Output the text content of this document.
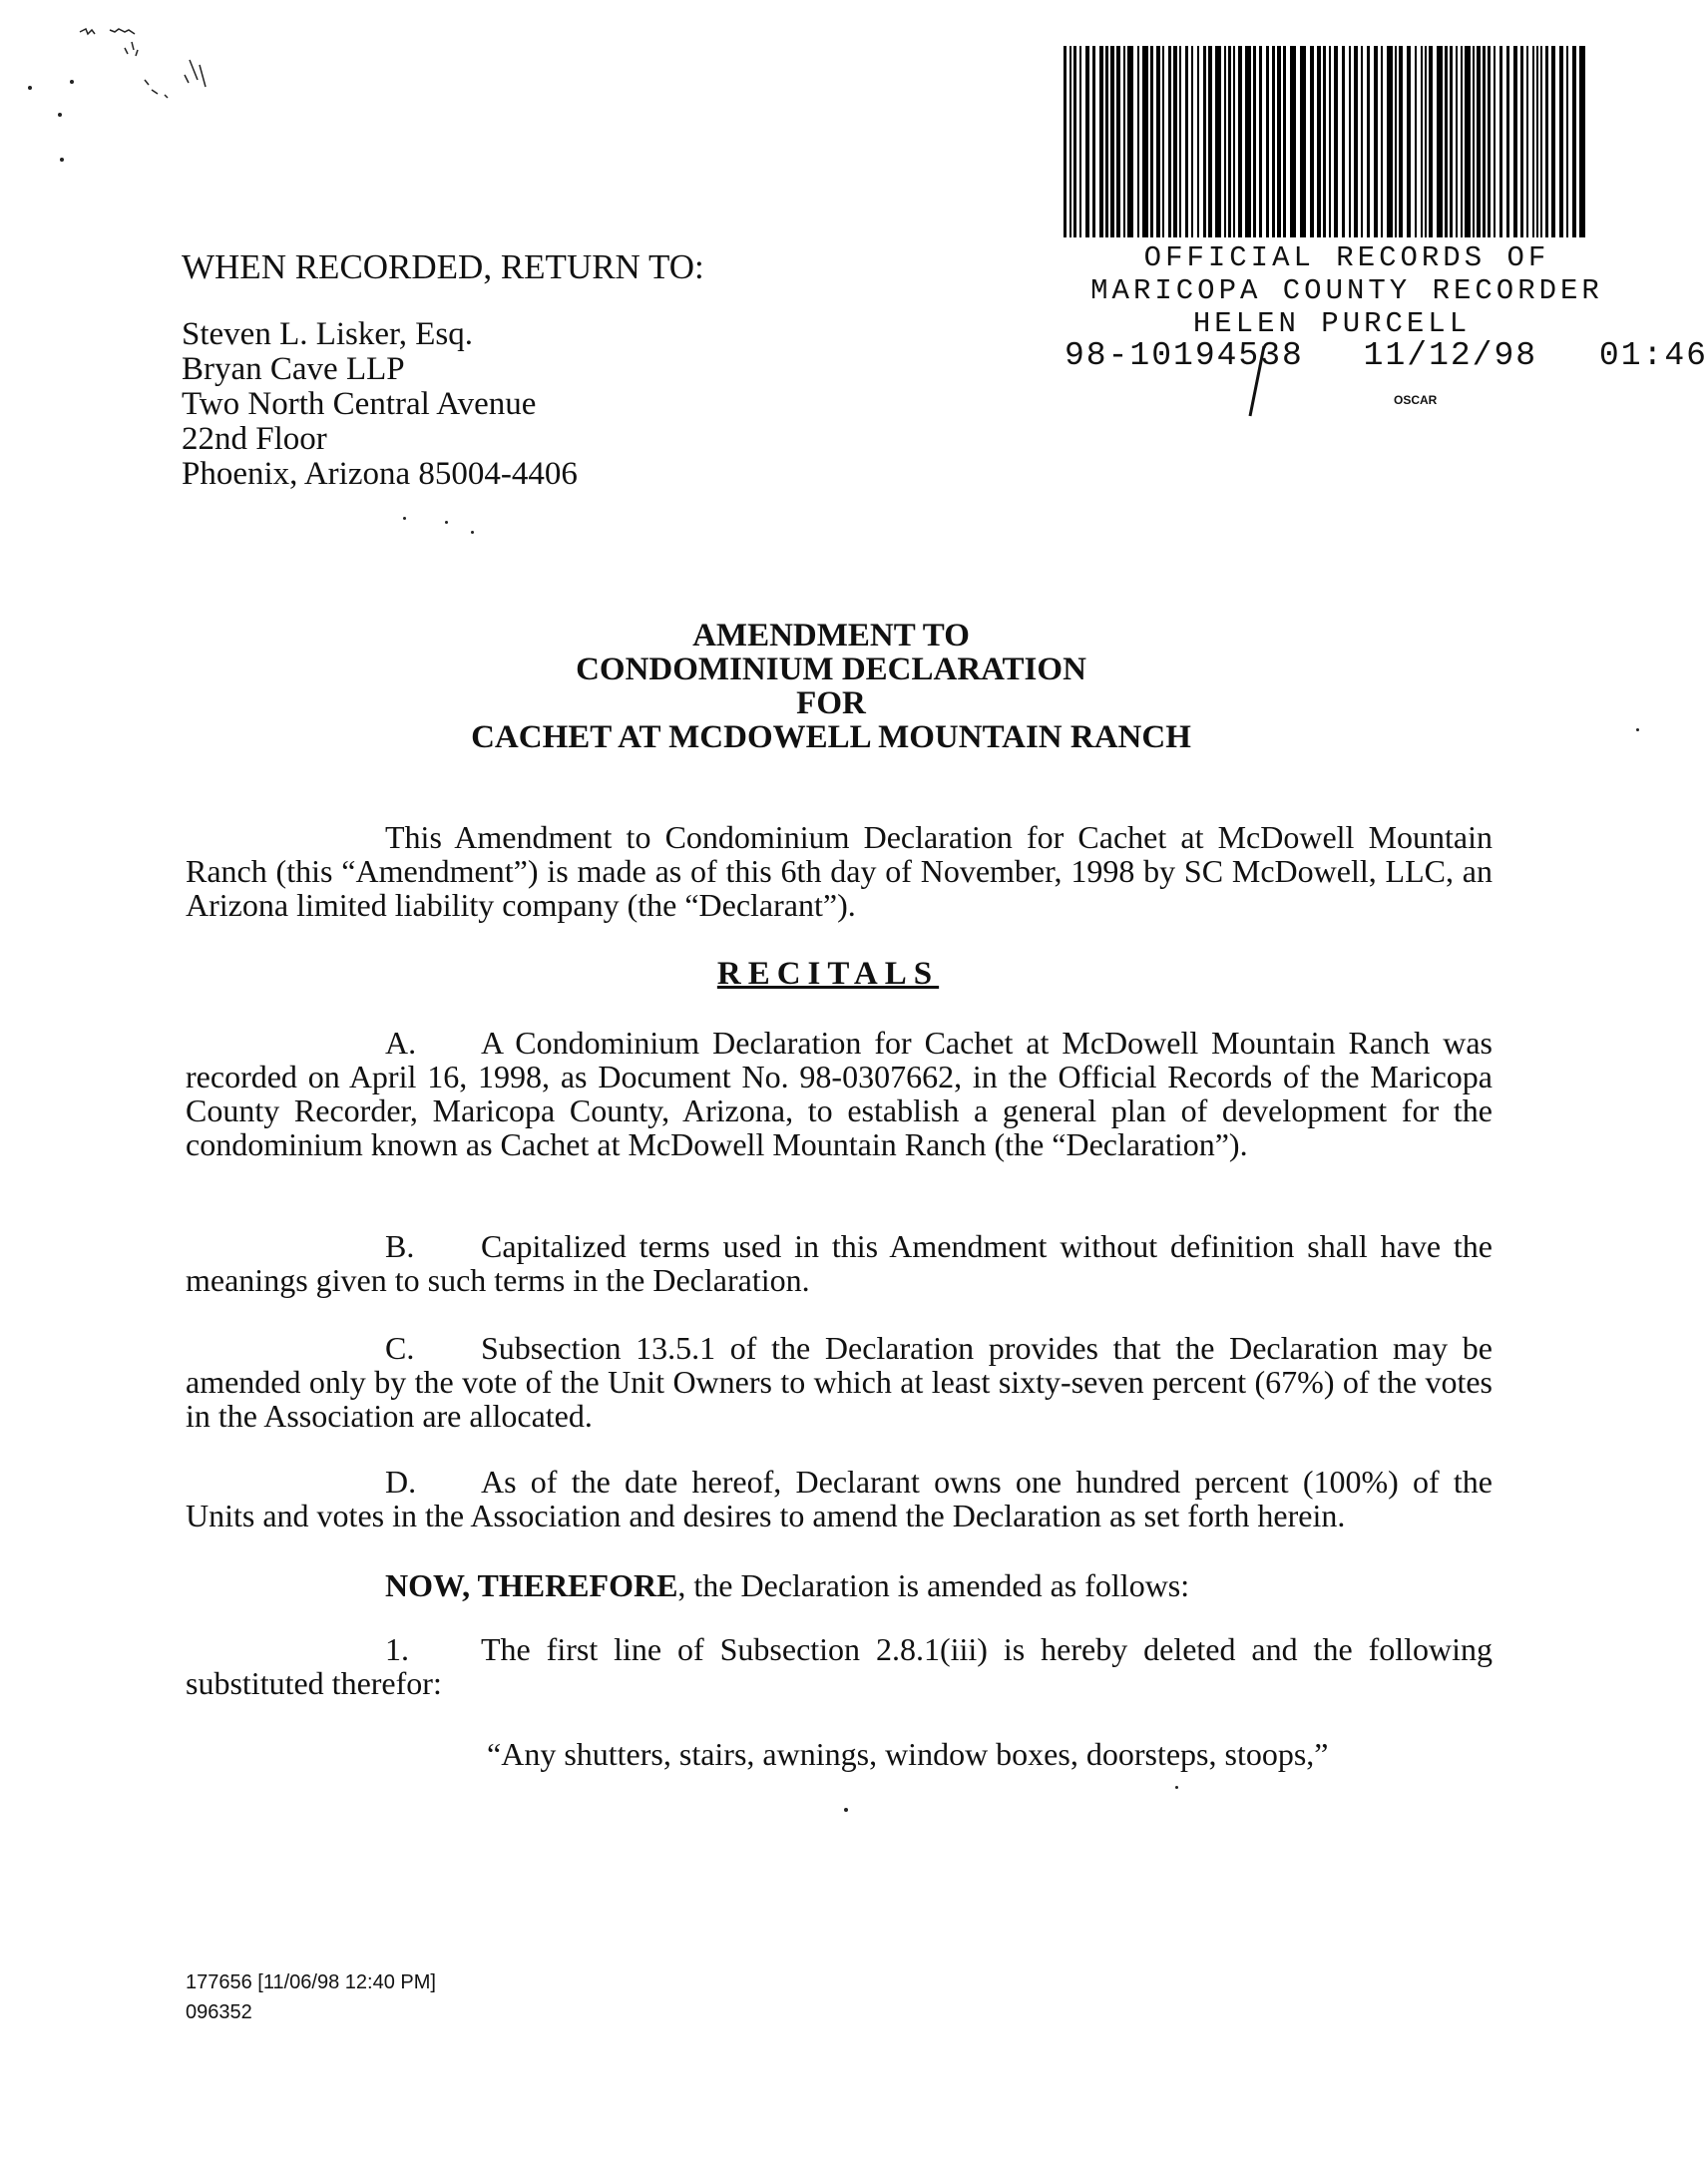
WHEN RECORDED, RETURN TO:
Steven L. Lisker, Esq.
Bryan Cave LLP
Two North Central Avenue
22nd Floor
Phoenix, Arizona 85004-4406
OFFICIAL RECORDS OF
MARICOPA COUNTY RECORDER
HELEN PURCELL
98-10194538 11/12/98 01:46
OSCAR
AMENDMENT TO
CONDOMINIUM DECLARATION
FOR
CACHET AT MCDOWELL MOUNTAIN RANCH
This Amendment to Condominium Declaration for Cachet at McDowell Mountain Ranch (this “Amendment”) is made as of this 6th day of November, 1998 by SC McDowell, LLC, an Arizona limited liability company (the “Declarant”).
RECITALS
A. A Condominium Declaration for Cachet at McDowell Mountain Ranch was recorded on April 16, 1998, as Document No. 98-0307662, in the Official Records of the Maricopa County Recorder, Maricopa County, Arizona, to establish a general plan of development for the condominium known as Cachet at McDowell Mountain Ranch (the “Declaration”).
B. Capitalized terms used in this Amendment without definition shall have the meanings given to such terms in the Declaration.
C. Subsection 13.5.1 of the Declaration provides that the Declaration may be amended only by the vote of the Unit Owners to which at least sixty-seven percent (67%) of the votes in the Association are allocated.
D. As of the date hereof, Declarant owns one hundred percent (100%) of the Units and votes in the Association and desires to amend the Declaration as set forth herein.
NOW, THEREFORE, the Declaration is amended as follows:
1. The first line of Subsection 2.8.1(iii) is hereby deleted and the following substituted therefor:
“Any shutters, stairs, awnings, window boxes, doorsteps, stoops,”
177656 [11/06/98 12:40 PM]
096352
